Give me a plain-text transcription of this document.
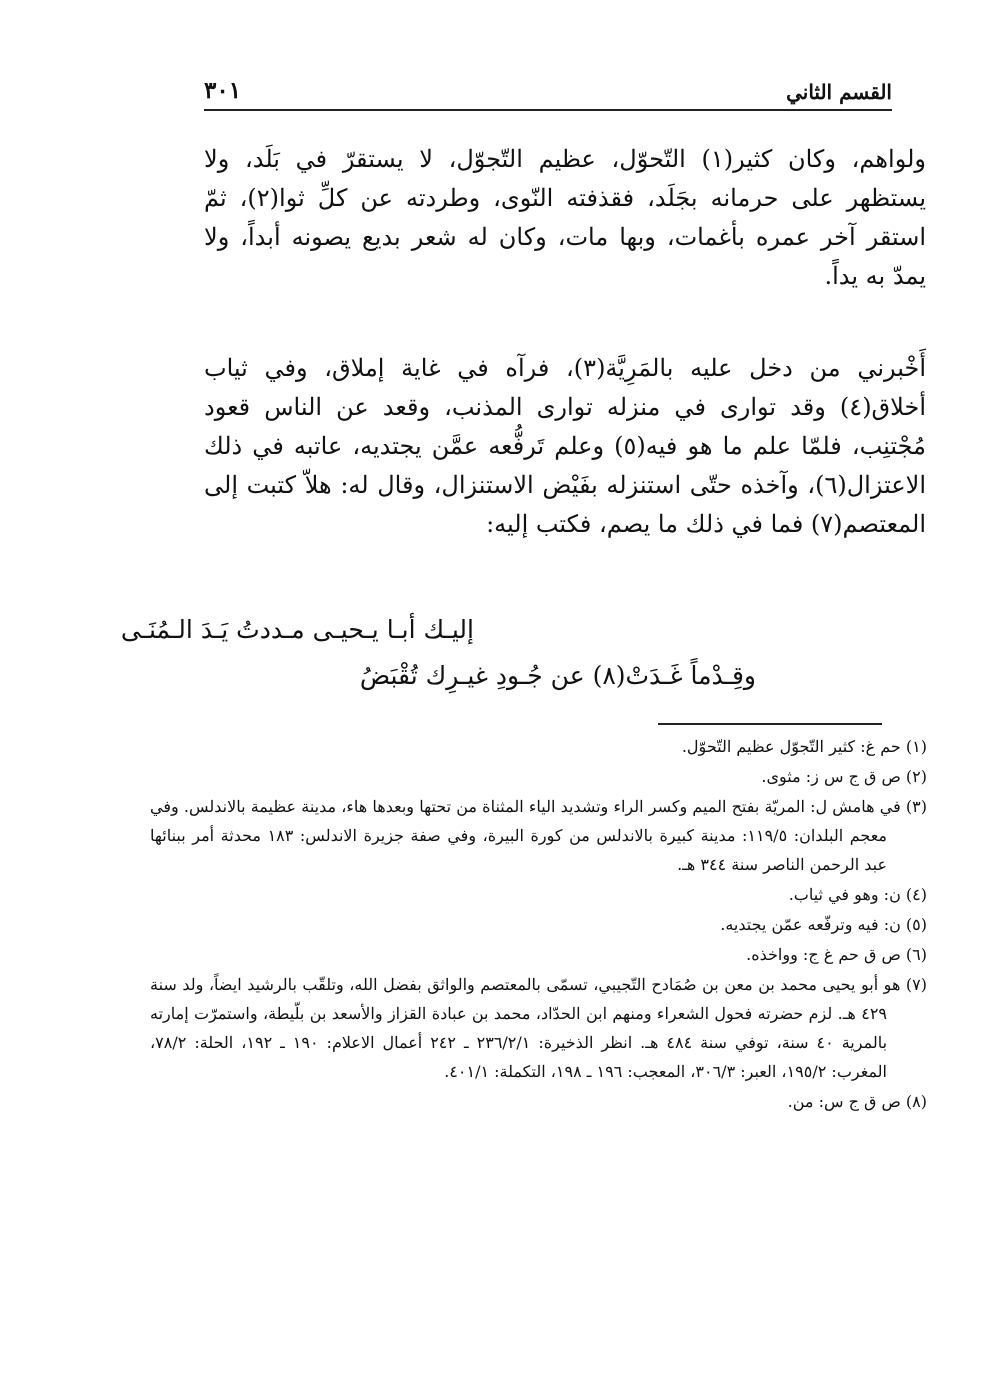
القسم الثاني
٣٠١

ولواهم، وكان كثير(١) التّحوّل، عظيم التّجوّل، لا يستقرّ في بَلَد، ولا يستظهر على حرمانه بجَلَد، فقذفته النّوى، وطردته عن كلِّ ثوا(٢)، ثمّ استقر آخر عمره بأغمات، وبها مات، وكان له شعر بديع يصونه أبداً، ولا يمدّ به يداً.

أَخْبرني من دخل عليه بالمَرِيَّة(٣)، فرآه في غاية إملاق، وفي ثياب أخلاق(٤) وقد توارى في منزله توارى المذنب، وقعد عن الناس قعود مُجْتنِب، فلمّا علم ما هو فيه(٥) وعلم تَرفُّعه عمَّن يجتديه، عاتبه في ذلك الاعتزال(٦)، وآخذه حتّى استنزله بفَيْض الاستنزال، وقال له: هلاّ كتبت إلى المعتصم(٧) فما في ذلك ما يصم، فكتب إليه:

إليـك أبـا يـحيـى مـددتُ يَـدَ الـمُنَـى
وقِـدْماً غَـدَتْ(٨) عن جُـودِ غيـرِك تُقْبَضُ
(١) حم غ: كثير التّجوّل عظيم التّحوّل.
(٢) ص ق ج س ز: مثوى.
(٣) في هامش ل: المريّة بفتح الميم وكسر الراء وتشديد الياء المثناة من تحتها وبعدها هاء، مدينة عظيمة بالاندلس. وفي معجم البلدان: ١١٩/٥: مدينة كبيرة بالاندلس من كورة البيرة، وفي صفة جزيرة الاندلس: ١٨٣ محدثة أمر ببنائها عبد الرحمن الناصر سنة ٣٤٤ هـ.
(٤) ن: وهو في ثياب.
(٥) ن: فيه وترفّعه عمّن يجتديه.
(٦) ص ق حم غ ج: وواخذه.
(٧) هو أبو يحيى محمد بن معن بن صُمَادح التّجيبي، تسمّى بالمعتصم والواثق بفضل الله، وتلقّب بالرشيد ايضاً، ولد سنة ٤٢٩ هـ. لزم حضرته فحول الشعراء ومنهم ابن الحدّاد، محمد بن عبادة القزاز والأسعد بن بلّيطة، واستمرّت إمارته بالمرية ٤٠ سنة، توفي سنة ٤٨٤ هـ. انظر الذخيرة: ٢٣٦/٢/١ ـ ٢٤٢ أعمال الاعلام: ١٩٠ ـ ١٩٢، الحلة: ٧٨/٢، المغرب: ١٩٥/٢، العبر: ٣٠٦/٣، المعجب: ١٩٦ ـ ١٩٨، التكملة: ٤٠١/١.
(٨) ص ق ج س: من.
